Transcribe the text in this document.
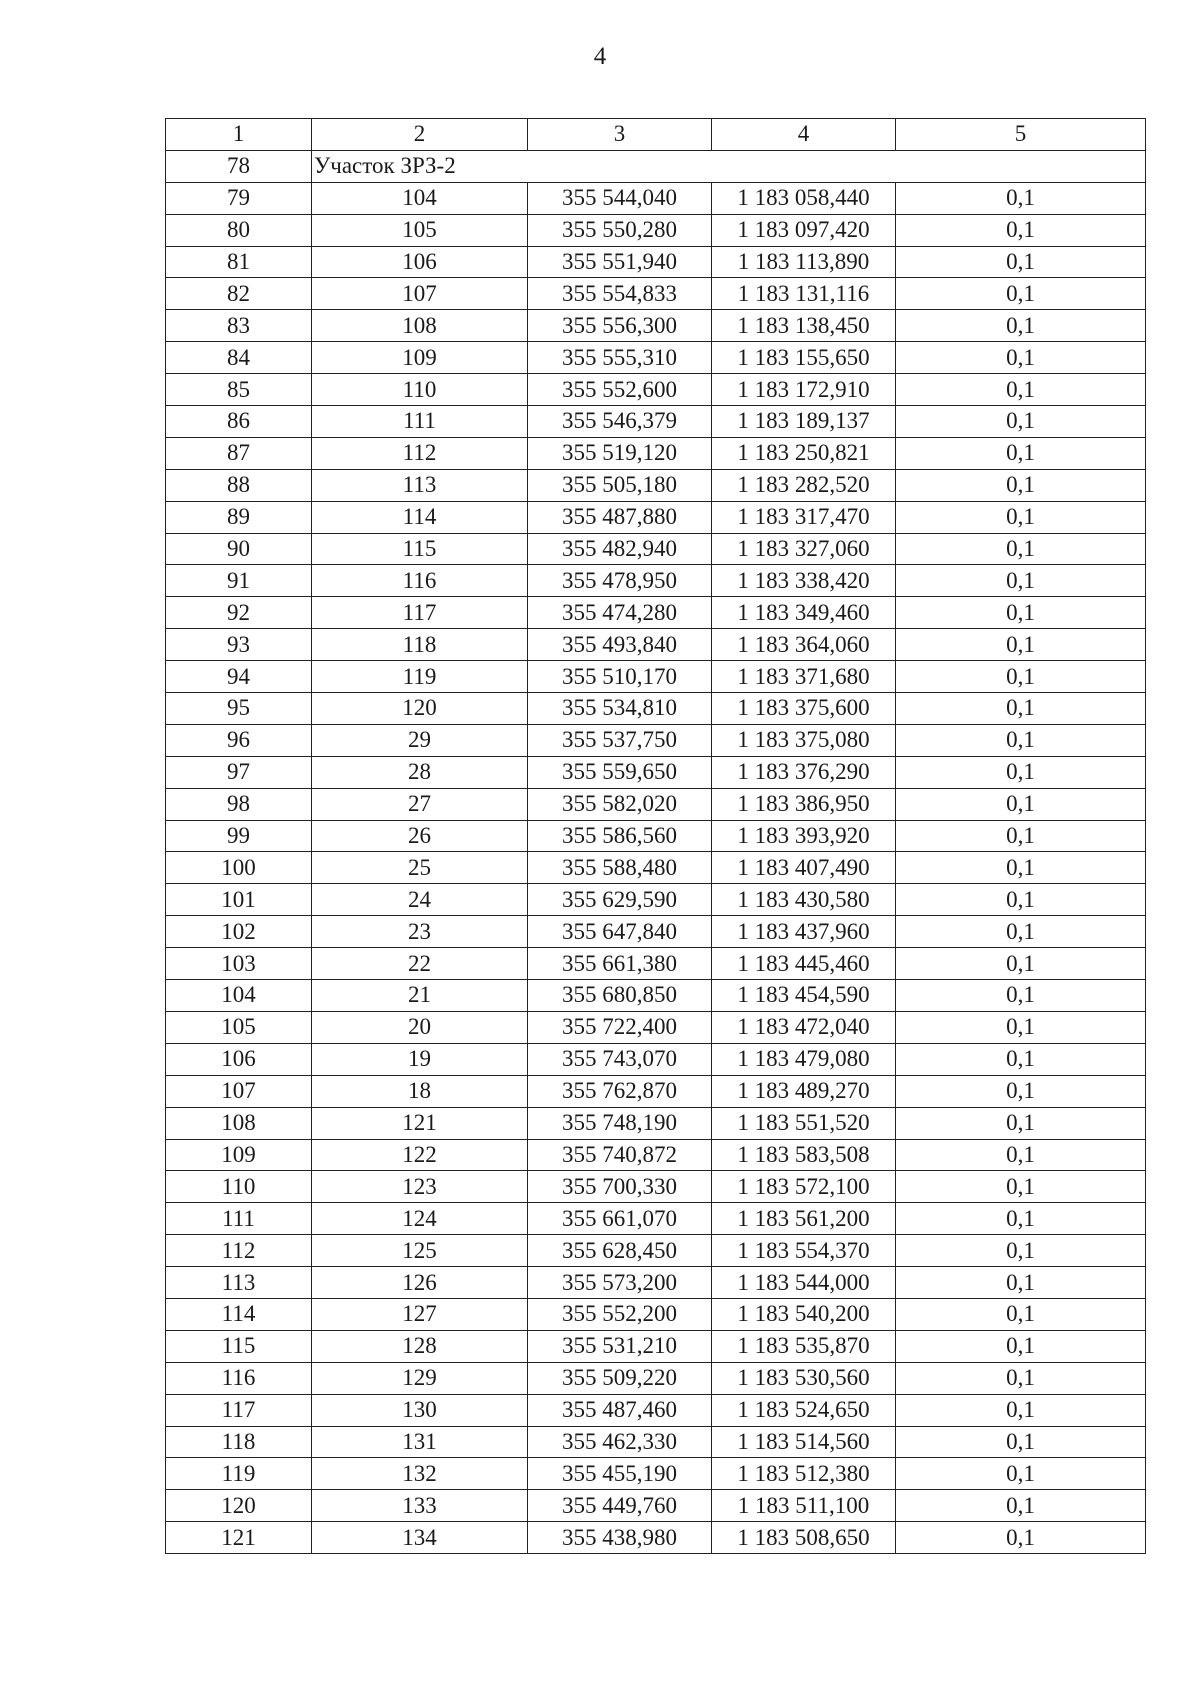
4
1	2	3	4	5
78	Участок ЗРЗ-2			
79	104	355 544,040	1 183 058,440	0,1
80	105	355 550,280	1 183 097,420	0,1
81	106	355 551,940	1 183 113,890	0,1
82	107	355 554,833	1 183 131,116	0,1
83	108	355 556,300	1 183 138,450	0,1
84	109	355 555,310	1 183 155,650	0,1
85	110	355 552,600	1 183 172,910	0,1
86	111	355 546,379	1 183 189,137	0,1
87	112	355 519,120	1 183 250,821	0,1
88	113	355 505,180	1 183 282,520	0,1
89	114	355 487,880	1 183 317,470	0,1
90	115	355 482,940	1 183 327,060	0,1
91	116	355 478,950	1 183 338,420	0,1
92	117	355 474,280	1 183 349,460	0,1
93	118	355 493,840	1 183 364,060	0,1
94	119	355 510,170	1 183 371,680	0,1
95	120	355 534,810	1 183 375,600	0,1
96	29	355 537,750	1 183 375,080	0,1
97	28	355 559,650	1 183 376,290	0,1
98	27	355 582,020	1 183 386,950	0,1
99	26	355 586,560	1 183 393,920	0,1
100	25	355 588,480	1 183 407,490	0,1
101	24	355 629,590	1 183 430,580	0,1
102	23	355 647,840	1 183 437,960	0,1
103	22	355 661,380	1 183 445,460	0,1
104	21	355 680,850	1 183 454,590	0,1
105	20	355 722,400	1 183 472,040	0,1
106	19	355 743,070	1 183 479,080	0,1
107	18	355 762,870	1 183 489,270	0,1
108	121	355 748,190	1 183 551,520	0,1
109	122	355 740,872	1 183 583,508	0,1
110	123	355 700,330	1 183 572,100	0,1
111	124	355 661,070	1 183 561,200	0,1
112	125	355 628,450	1 183 554,370	0,1
113	126	355 573,200	1 183 544,000	0,1
114	127	355 552,200	1 183 540,200	0,1
115	128	355 531,210	1 183 535,870	0,1
116	129	355 509,220	1 183 530,560	0,1
117	130	355 487,460	1 183 524,650	0,1
118	131	355 462,330	1 183 514,560	0,1
119	132	355 455,190	1 183 512,380	0,1
120	133	355 449,760	1 183 511,100	0,1
121	134	355 438,980	1 183 508,650	0,1
